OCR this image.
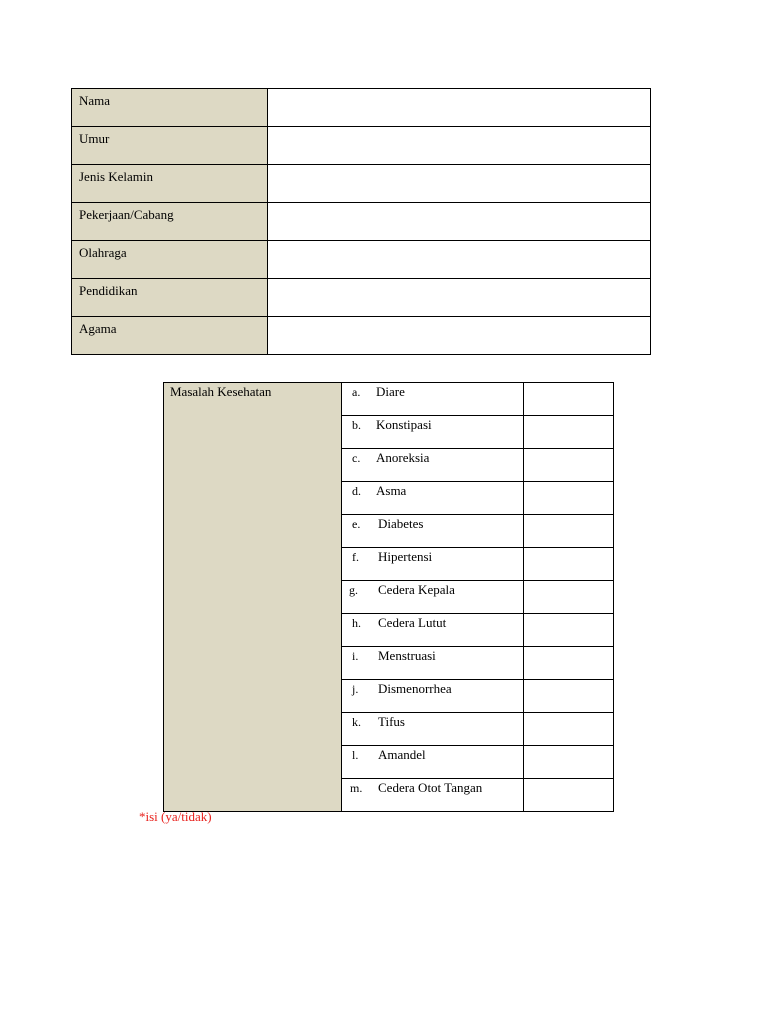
Nama	

Umur	

Jenis Kelamin	

Pekerjaan/Cabang	

Olahraga	

Pendidikan	

Agama	

Masalah Kesehatan	a. Diare	

	b. Konstipasi	

	c. Anoreksia	

	d. Asma	

	e. Diabetes	

	f. Hipertensi	

	g. Cedera Kepala	

	h. Cedera Lutut	

	i. Menstruasi	

	j. Dismenorrhea	

	k. Tifus	

	l. Amandel	

	m. Cedera Otot Tangan	

*isi (ya/tidak)
